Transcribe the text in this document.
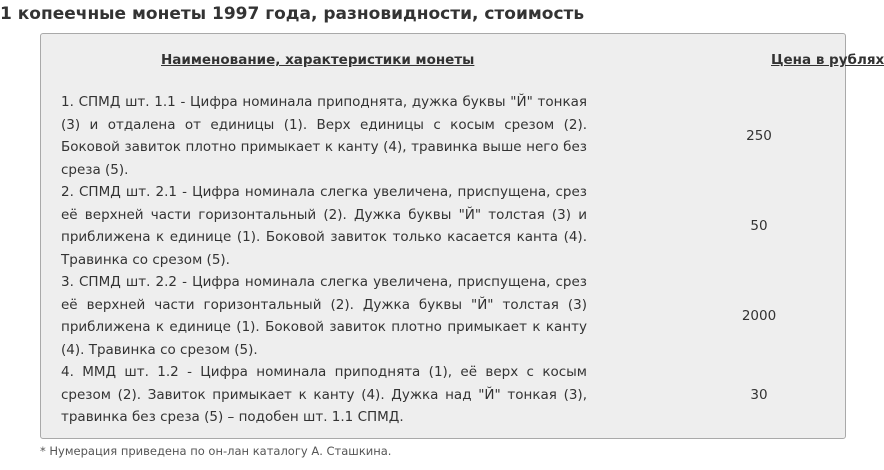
1 копеечные монеты 1997 года, разновидности, стоимость
Наименование, характеристики монеты	Цена в рублях
1. СПМД шт. 1.1 - Цифра номинала приподнята, дужка буквы "Й" тонкая (3) и отдалена от единицы (1). Верх единицы с косым срезом (2). Боковой завиток плотно примыкает к канту (4), травинка выше него без среза (5).
250
2. СПМД шт. 2.1 - Цифра номинала слегка увеличена, приспущена, срез её верхней части горизонтальный (2). Дужка буквы "Й" толстая (3) и приближена к единице (1). Боковой завиток только касается канта (4). Травинка со срезом (5).
50
3. СПМД шт. 2.2 - Цифра номинала слегка увеличена, приспущена, срез её верхней части горизонтальный (2). Дужка буквы "Й" толстая (3) приближена к единице (1). Боковой завиток плотно примыкает к канту (4). Травинка со срезом (5).
2000
4. ММД шт. 1.2 - Цифра номинала приподнята (1), её верх с косым срезом (2). Завиток примыкает к канту (4). Дужка над "Й" тонкая (3), травинка без среза (5) – подобен шт. 1.1 СПМД.
30
* Нумерация приведена по он-лан каталогу А. Сташкина.
